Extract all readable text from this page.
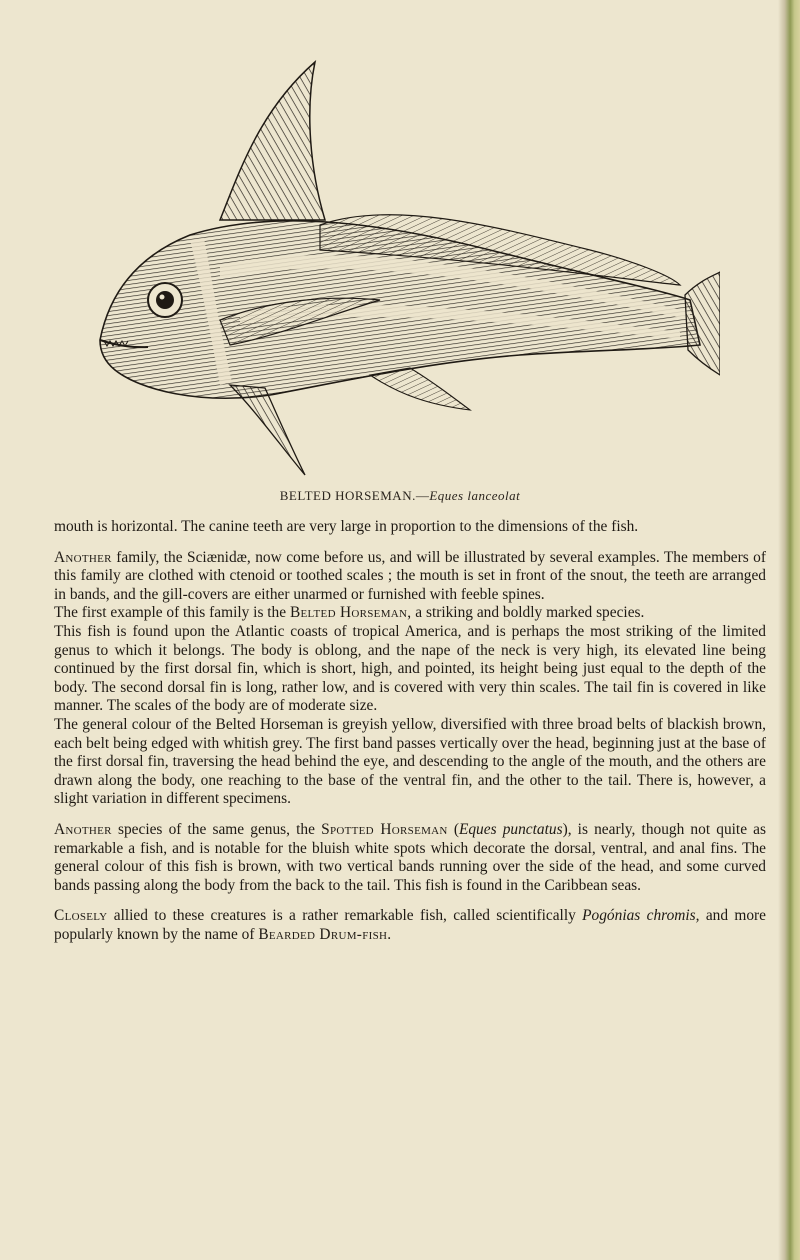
BELTED HORSEMAN.—Eques lanceolat

mouth is horizontal. The canine teeth are very large in proportion to the dimensions of the fish.

Another family, the Sciænidæ, now come before us, and will be illustrated by several examples. The members of this family are clothed with ctenoid or toothed scales ; the mouth is set in front of the snout, the teeth are arranged in bands, and the gill-covers are either unarmed or furnished with feeble spines.

The first example of this family is the Belted Horseman, a striking and boldly marked species.

This fish is found upon the Atlantic coasts of tropical America, and is perhaps the most striking of the limited genus to which it belongs. The body is oblong, and the nape of the neck is very high, its elevated line being continued by the first dorsal fin, which is short, high, and pointed, its height being just equal to the depth of the body. The second dorsal fin is long, rather low, and is covered with very thin scales. The tail fin is covered in like manner. The scales of the body are of moderate size.

The general colour of the Belted Horseman is greyish yellow, diversified with three broad belts of blackish brown, each belt being edged with whitish grey. The first band passes vertically over the head, beginning just at the base of the first dorsal fin, traversing the head behind the eye, and descending to the angle of the mouth, and the others are drawn along the body, one reaching to the base of the ventral fin, and the other to the tail. There is, however, a slight variation in different specimens.

Another species of the same genus, the Spotted Horseman (Eques punctatus), is nearly, though not quite as remarkable a fish, and is notable for the bluish white spots which decorate the dorsal, ventral, and anal fins. The general colour of this fish is brown, with two vertical bands running over the side of the head, and some curved bands passing along the body from the back to the tail. This fish is found in the Caribbean seas.

Closely allied to these creatures is a rather remarkable fish, called scientifically Pogónias chromis, and more popularly known by the name of Bearded Drum-fish.
